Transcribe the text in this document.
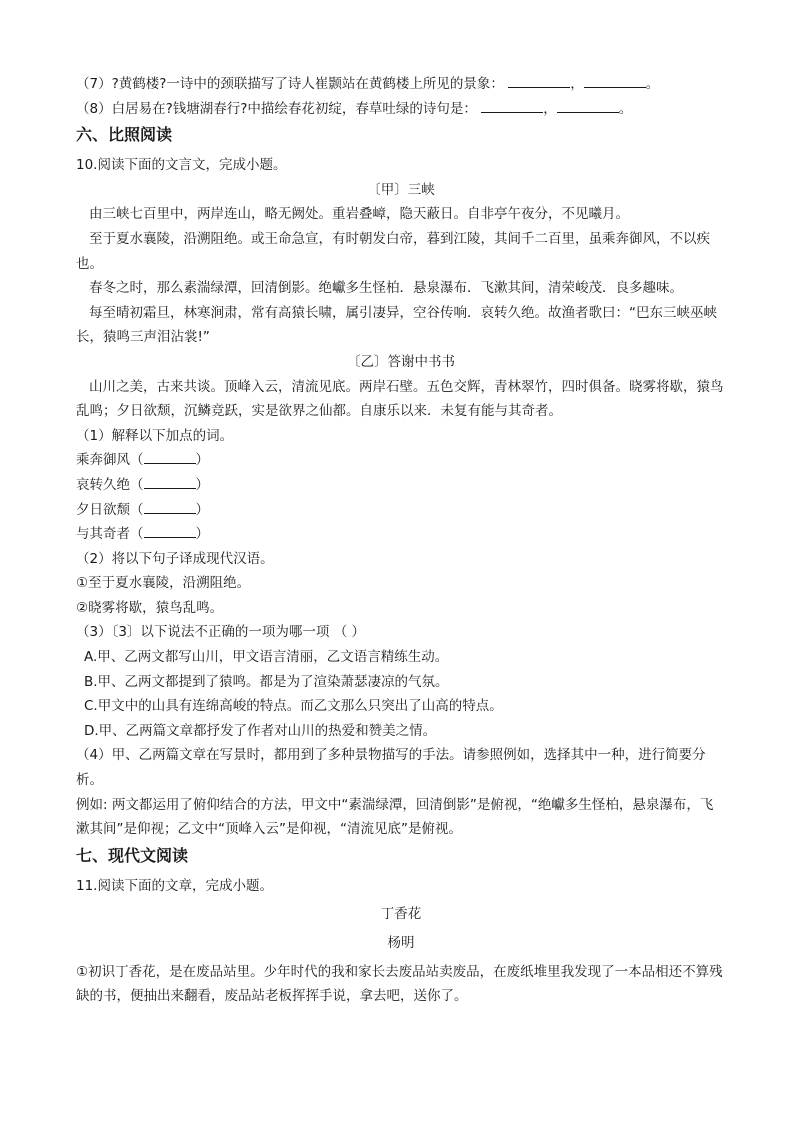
（7）?黄鹤楼?一诗中的颈联描写了诗人崔颢站在黄鹤楼上所见的景象：	，	。
（8）白居易在?钱塘湖春行?中描绘春花初绽，春草吐绿的诗句是：	，	。
六、比照阅读
10.阅读下面的文言文，完成小题。
〔甲〕三峡
由三峡七百里中，两岸连山，略无阙处。重岩叠嶂，隐天蔽日。自非亭午夜分，不见曦月。
至于夏水襄陵，沿溯阻绝。或王命急宣，有时朝发白帝，暮到江陵，其间千二百里，虽乘奔御风，不以疾也。
春冬之时，那么素湍绿潭，回清倒影。绝巘多生怪柏．悬泉瀑布．飞漱其间，清荣峻茂．良多趣味。
每至晴初霜旦，林寒涧肃，常有高猿长啸，属引凄异，空谷传响．哀转久绝。故渔者歌曰：“巴东三峡巫峡长，猿鸣三声泪沾裳!”
〔乙〕答谢中书书
山川之美，古来共谈。顶峰入云，清流见底。两岸石壁。五色交辉，青林翠竹，四时俱备。晓雾将歇，猿鸟乱鸣；夕日欲颓，沉鳞竞跃，实是欲界之仙都。自康乐以来．未复有能与其奇者。
（1）解释以下加点的词。
乘奔御风（	）
哀转久绝（	）
夕日欲颓（	）
与其奇者（	）
（2）将以下句子译成现代汉语。
①至于夏水襄陵，沿溯阻绝。
②晓雾将歇，猿鸟乱鸣。
（3）〔3〕以下说法不正确的一项为哪一项 （ ）
A.甲、乙两文都写山川，甲文语言清丽，乙文语言精练生动。
B.甲、乙两文都提到了猿鸣。都是为了渲染萧瑟凄凉的气氛。
C.甲文中的山具有连绵高峻的特点。而乙文那么只突出了山高的特点。
D.甲、乙两篇文章都抒发了作者对山川的热爱和赞美之情。
（4）甲、乙两篇文章在写景时，都用到了多种景物描写的手法。请参照例如，选择其中一种，进行简要分析。
例如: 两文都运用了俯仰结合的方法，甲文中“素湍绿潭，回清倒影”是俯视，“绝巘多生怪柏，悬泉瀑布，飞漱其间”是仰视；乙文中“顶峰入云”是仰视，“清流见底”是俯视。
七、现代文阅读
11.阅读下面的文章，完成小题。
丁香花
杨明
①初识丁香花，是在废品站里。少年时代的我和家长去废品站卖废品，在废纸堆里我发现了一本品相还不算残缺的书，便抽出来翻看，废品站老板挥挥手说，拿去吧，送你了。
